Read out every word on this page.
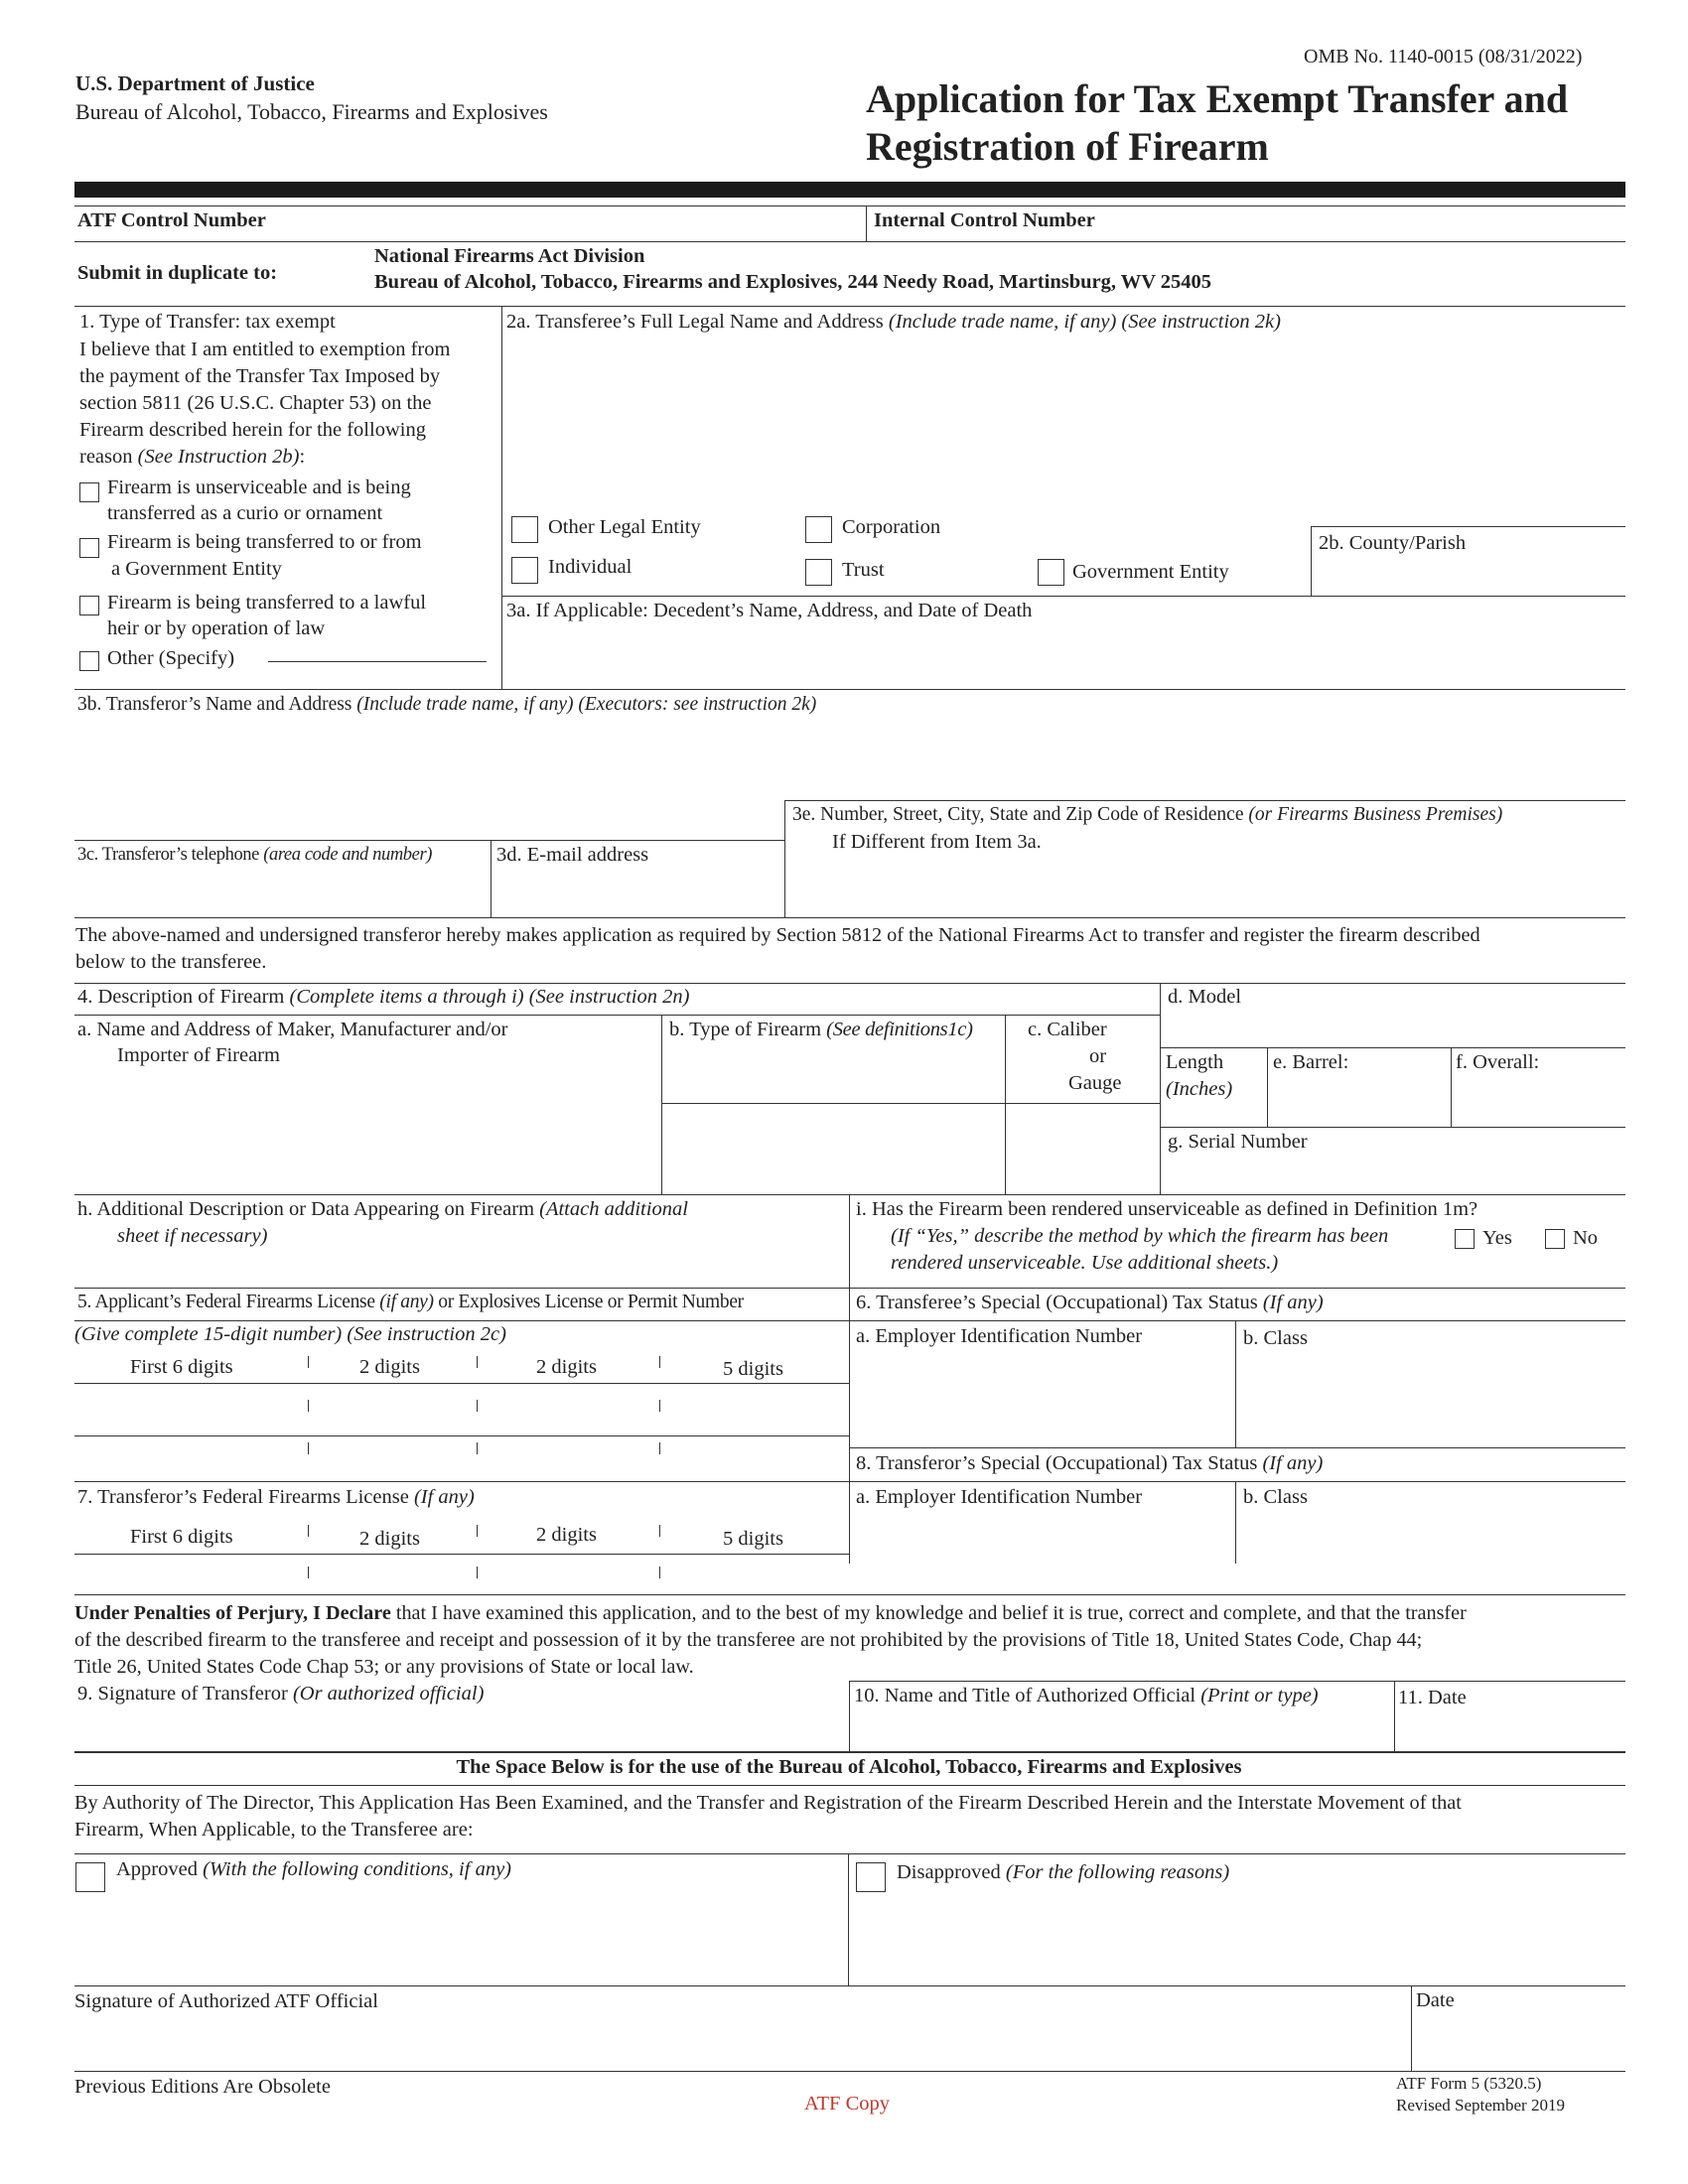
OMB No. 1140-0015 (08/31/2022)
U.S. Department of Justice
Bureau of Alcohol, Tobacco, Firearms and Explosives	Application for Tax Exempt Transfer and
Registration of Firearm
ATF Control Number	Internal Control Number
Submit in duplicate to:
National Firearms Act Division
Bureau of Alcohol, Tobacco, Firearms and Explosives, 244 Needy Road, Martinsburg, WV 25405
1. Type of Transfer: tax exempt
I believe that I am entitled to exemption from
the payment of the Transfer Tax Imposed by
section 5811 (26 U.S.C. Chapter 53) on the
Firearm described herein for the following
reason (See Instruction 2b):
Firearm is unserviceable and is being
transferred as a curio or ornament
Firearm is being transferred to or from
a Government Entity
Firearm is being transferred to a lawful
heir or by operation of law
Other (Specify)
2a. Transferee’s Full Legal Name and Address (Include trade name, if any) (See instruction 2k)
Other Legal Entity
Individual
Corporation
Trust	Government Entity
2b. County/Parish
3a. If Applicable: Decedent’s Name, Address, and Date of Death
3b. Transferor’s Name and Address (Include trade name, if any) (Executors: see instruction 2k)
3e. Number, Street, City, State and Zip Code of Residence (or Firearms Business Premises)
If Different from Item 3a.
3c. Transferor’s telephone (area code and number)	3d. E-mail address
The above-named and undersigned transferor hereby makes application as required by Section 5812 of the National Firearms Act to transfer and register the firearm described
below to the transferee.
4. Description of Firearm (Complete items a through i) (See instruction 2n)	d. Model
a. Name and Address of Maker, Manufacturer and/or
Importer of Firearm
b. Type of Firearm (See definitions1c)	c. Caliber
or
Gauge
Length
(Inches)
e. Barrel:	f. Overall:
g. Serial Number
h. Additional Description or Data Appearing on Firearm (Attach additional
sheet if necessary)
i. Has the Firearm been rendered unserviceable as defined in Definition 1m?
(If “Yes,” describe the method by which the firearm has been
rendered unserviceable. Use additional sheets.)
Yes	No
5. Applicant’s Federal Firearms License (if any) or Explosives License or Permit Number
(Give complete 15-digit number) (See instruction 2c)
6. Transferee’s Special (Occupational) Tax Status (If any)
a. Employer Identification Number	b. Class
First 6 digits	2 digits	2 digits	5 digits
8. Transferor’s Special (Occupational) Tax Status (If any)
7. Transferor’s Federal Firearms License (If any)	a. Employer Identification Number	b. Class
First 6 digits	2 digits	2 digits	5 digits
Under Penalties of Perjury, I Declare that I have examined this application, and to the best of my knowledge and belief it is true, correct and complete, and that the transfer
of the described firearm to the transferee and receipt and possession of it by the transferee are not prohibited by the provisions of Title 18, United States Code, Chap 44;
Title 26, United States Code Chap 53; or any provisions of State or local law.
9. Signature of Transferor (Or authorized official)	10. Name and Title of Authorized Official (Print or type)	11. Date
The Space Below is for the use of the Bureau of Alcohol, Tobacco, Firearms and Explosives
By Authority of The Director, This Application Has Been Examined, and the Transfer and Registration of the Firearm Described Herein and the Interstate Movement of that
Firearm, When Applicable, to the Transferee are:
Approved (With the following conditions, if any)	Disapproved (For the following reasons)
Signature of Authorized ATF Official	Date
Previous Editions Are Obsolete
ATF Copy
ATF Form 5 (5320.5)
Revised September 2019
